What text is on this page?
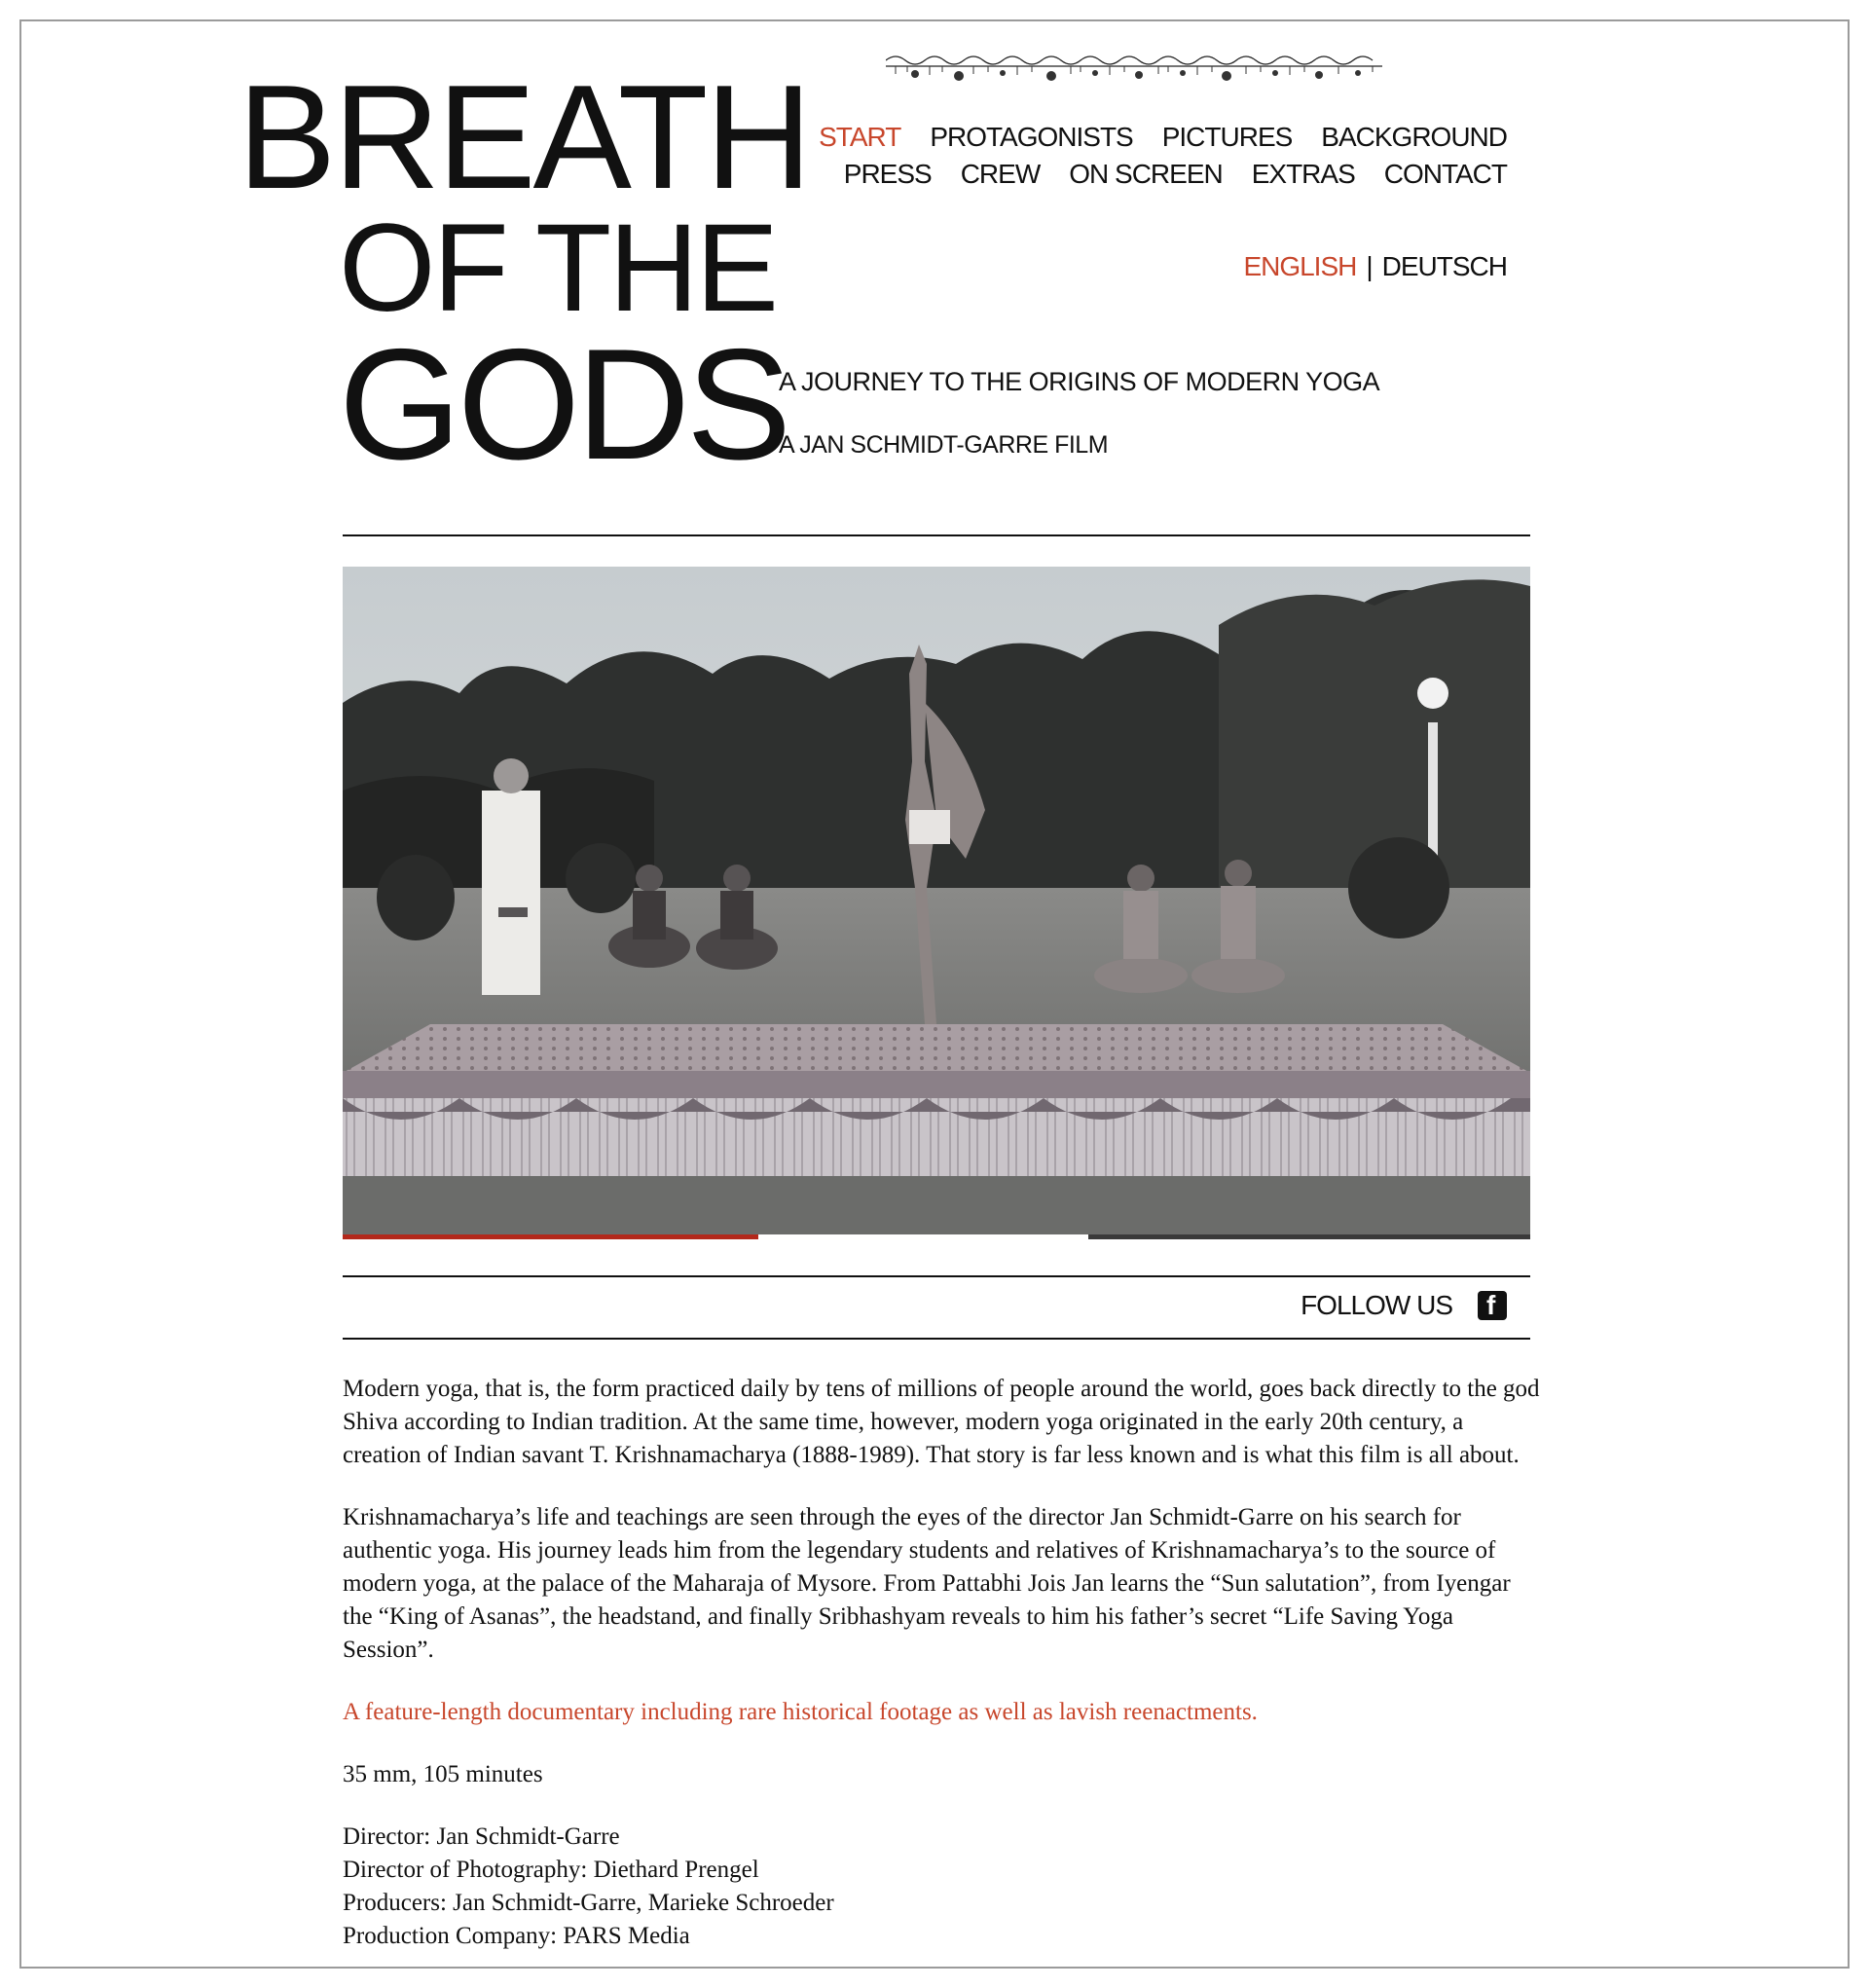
BREATH
OF THE
GODS
START PROTAGONISTS PICTURES BACKGROUND
PRESS CREW ON SCREEN EXTRAS CONTACT
ENGLISH | DEUTSCH
A JOURNEY TO THE ORIGINS OF MODERN YOGA
A JAN SCHMIDT-GARRE FILM
FOLLOW US f

Modern yoga, that is, the form practiced daily by tens of millions of people around the world, goes back directly to the god Shiva according to Indian tradition. At the same time, however, modern yoga originated in the early 20th century, a creation of Indian savant T. Krishnamacharya (1888-1989). That story is far less known and is what this film is all about.

Krishnamacharya’s life and teachings are seen through the eyes of the director Jan Schmidt-Garre on his search for authentic yoga. His journey leads him from the legendary students and relatives of Krishnamacharya’s to the source of modern yoga, at the palace of the Maharaja of Mysore. From Pattabhi Jois Jan learns the “Sun salutation”, from Iyengar the “King of Asanas”, the headstand, and finally Sribhashyam reveals to him his father’s secret “Life Saving Yoga Session”.

A feature-length documentary including rare historical footage as well as lavish reenactments.

35 mm, 105 minutes

Director: Jan Schmidt-Garre

Director of Photography: Diethard Prengel

Producers: Jan Schmidt-Garre, Marieke Schroeder

Production Company: PARS Media
